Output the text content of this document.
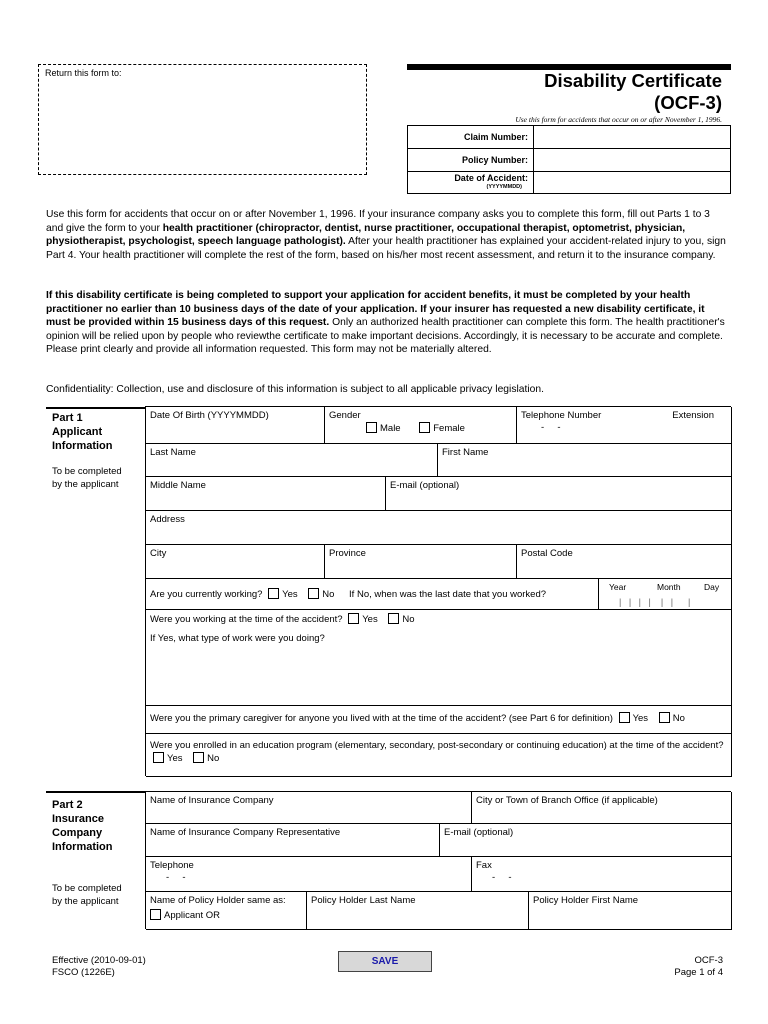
Return this form to:	Disability Certificate
(OCF-3)
Use this form for accidents that occur on or after November 1, 1996.
Claim Number:	
Policy Number:	
Date of Accident:
(YYYYMMDD)	

Use this form for accidents that occur on or after November 1, 1996. If your insurance company asks you to complete this form, fill out Parts 1 to 3 and give the form to your health practitioner (chiropractor, dentist, nurse practitioner, occupational therapist, optometrist, physician, physiotherapist, psychologist, speech language pathologist). After your health practitioner has explained your accident-related injury to you, sign Part 4. Your health practitioner will complete the rest of the form, based on his/her most recent assessment, and return it to the insurance company.
If this disability certificate is being completed to support your application for accident benefits, it must be completed by your health practitioner no earlier than 10 business days of the date of your application. If your insurer has requested a new disability certificate, it must be provided within 15 business days of this request. Only an authorized health practitioner can complete this form. The health practitioner's opinion will be relied upon by people who reviewthe certificate to make important decisions. Accordingly, it is necessary to be accurate and complete. Please print clearly and provide all information requested. This form may not be materially altered.
Confidentiality: Collection, use and disclosure of this information is subject to all applicable privacy legislation.
Part 1
Applicant
Information
To be completed
by the applicant
Date Of Birth (YYYYMMDD)	Gender
Male	Female
Telephone Number	Extension
-     -
Last Name	First Name
Middle Name	E-mail (optional)
Address
City	Province	Postal Code
Are you currently working? Yes	No If No, when was the last date that you worked?
Year	Month	Day
|   |   |   |    |   |      |
Were you working at the time of the accident? Yes	No
If Yes, what type of work were you doing?
Were you the primary caregiver for anyone you lived with at the time of the accident? (see Part 6 for definition) Yes	No
Were you enrolled in an education program (elementary, secondary, post-secondary or continuing education) at the time of the accident? Yes	No
Part 2
Insurance
Company
Information
To be completed
by the applicant
Name of Insurance Company	City or Town of Branch Office (if applicable)
Name of Insurance Company Representative	E-mail (optional)
Telephone
-     -
Fax
-     -
Name of Policy Holder same as:
Applicant OR
Policy Holder Last Name	Policy Holder First Name
Effective (2010-09-01)
FSCO (1226E)
SAVE	OCF-3
Page 1 of 4
